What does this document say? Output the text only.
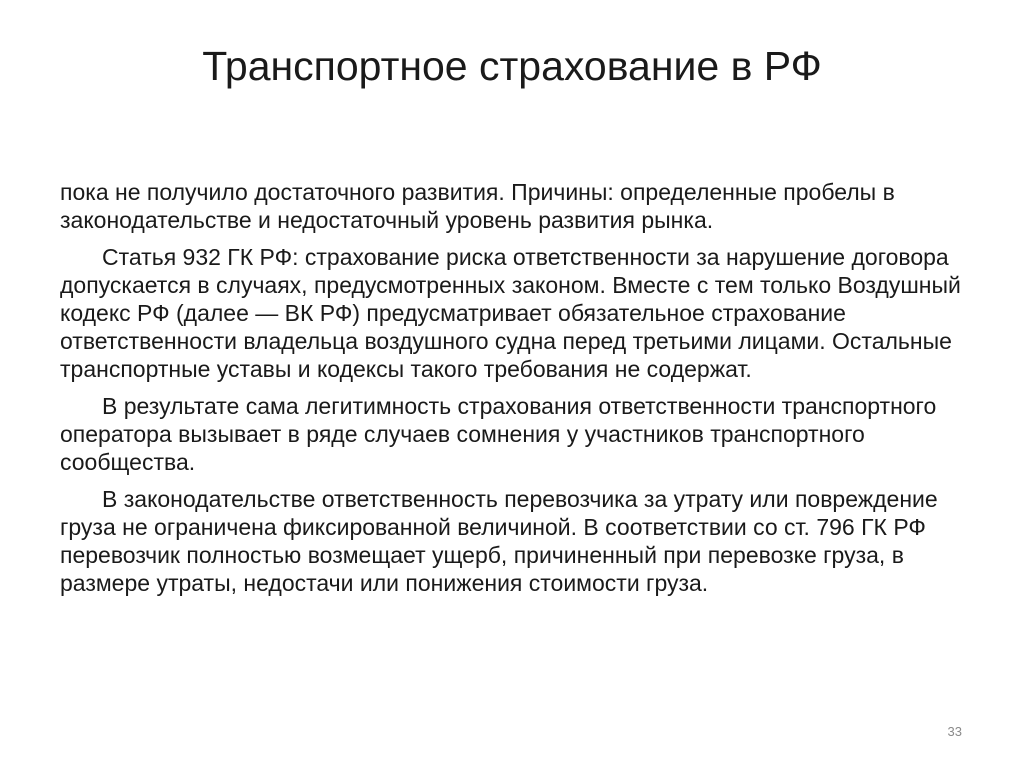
Транспортное страхование в РФ

пока не получило достаточного развития. Причины: определенные пробелы в законодательстве и недостаточный уровень развития рынка.

Статья 932 ГК РФ: страхование риска ответственности за нарушение договора допускается в случаях, предусмотренных законом. Вместе с тем только Воздушный кодекс РФ (далее — ВК РФ) предусматривает обязательное страхование ответственности владельца воздушного судна перед третьими лицами. Остальные транспортные уставы и кодексы такого требования не содержат.

В результате сама легитимность страхования ответственности транспортного оператора вызывает в ряде случаев сомнения у участников транспортного сообщества.

В законодательстве ответственность перевозчика за утрату или повреждение груза не ограничена фиксированной величиной. В соответствии со ст. 796 ГК РФ перевозчик полностью возмещает ущерб, причиненный при перевозке груза, в размере утраты, недостачи или понижения стоимости груза.

33
